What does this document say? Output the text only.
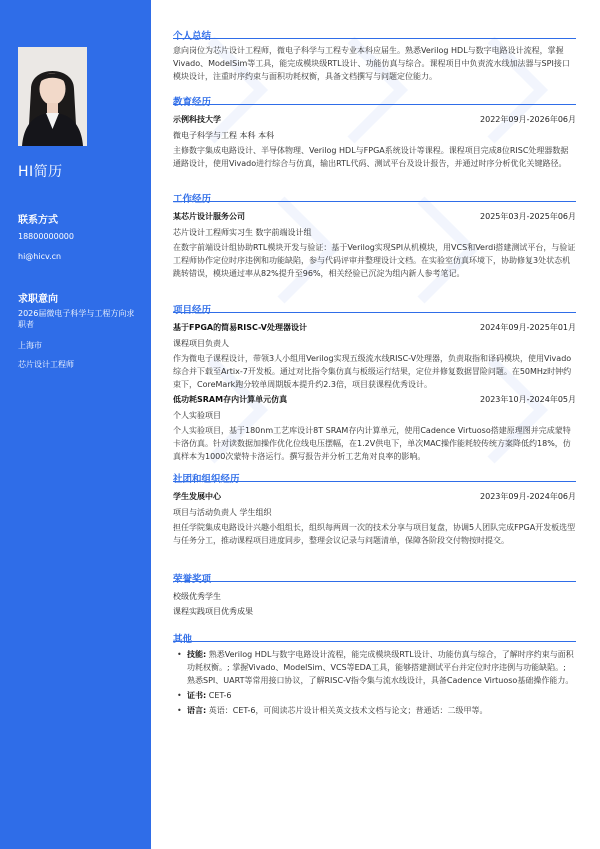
HI简历
联系方式
18800000000
hi@hicv.cn
求职意向
2026届微电子科学与工程方向求职者
上海市
芯片设计工程师
个人总结
意向岗位为芯片设计工程师，微电子科学与工程专业本科应届生。熟悉Verilog HDL与数字电路设计流程，掌握Vivado、ModelSim等工具，能完成模块级RTL设计、功能仿真与综合。课程项目中负责流水线加法器与SPI接口模块设计，注重时序约束与面积功耗权衡，具备文档撰写与问题定位能力。
教育经历
示例科技大学	2022年09月-2026年06月
微电子科学与工程 本科 本科
主修数字集成电路设计、半导体物理、Verilog HDL与FPGA系统设计等课程。课程项目完成8位RISC处理器数据通路设计，使用Vivado进行综合与仿真，输出RTL代码、测试平台及设计报告，并通过时序分析优化关键路径。
工作经历
某芯片设计服务公司	2025年03月-2025年06月
芯片设计工程师实习生 数字前端设计组
在数字前端设计组协助RTL模块开发与验证：基于Verilog实现SPI从机模块，用VCS和Verdi搭建测试平台，与验证工程师协作定位时序违例和功能缺陷，参与代码评审并整理设计文档。在实验室仿真环境下，协助修复3处状态机跳转错误，模块通过率从82%提升至96%，相关经验已沉淀为组内新人参考笔记。
项目经历
基于FPGA的简易RISC-V处理器设计	2024年09月-2025年01月
课程项目负责人
作为微电子课程设计，带领3人小组用Verilog实现五级流水线RISC-V处理器，负责取指和译码模块，使用Vivado综合并下载至Artix-7开发板。通过对比指令集仿真与板级运行结果，定位并修复数据冒险问题。在50MHz时钟约束下，CoreMark跑分较单周期版本提升约2.3倍，项目获课程优秀设计。
低功耗SRAM存内计算单元仿真	2023年10月-2024年05月
个人实验项目
个人实验项目，基于180nm工艺库设计8T SRAM存内计算单元，使用Cadence Virtuoso搭建原理图并完成蒙特卡洛仿真。针对读数据加操作优化位线电压摆幅，在1.2V供电下，单次MAC操作能耗较传统方案降低约18%，仿真样本为1000次蒙特卡洛运行。撰写报告并分析工艺角对良率的影响。
社团和组织经历
学生发展中心	2023年09月-2024年06月
项目与活动负责人 学生组织
担任学院集成电路设计兴趣小组组长，组织每两周一次的技术分享与项目复盘，协调5人团队完成FPGA开发板选型与任务分工，推动课程项目进度同步，整理会议记录与问题清单，保障各阶段交付物按时提交。
荣誉奖项
校级优秀学生
课程实践项目优秀成果
其他
• 技能: 熟悉Verilog HDL与数字电路设计流程，能完成模块级RTL设计、功能仿真与综合，了解时序约束与面积功耗权衡。; 掌握Vivado、ModelSim、VCS等EDA工具，能够搭建测试平台并定位时序违例与功能缺陷。; 熟悉SPI、UART等常用接口协议，了解RISC-V指令集与流水线设计，具备Cadence Virtuoso基础操作能力。
• 证书: CET-6
• 语言: 英语：CET-6，可阅读芯片设计相关英文技术文档与论文；普通话：二级甲等。
